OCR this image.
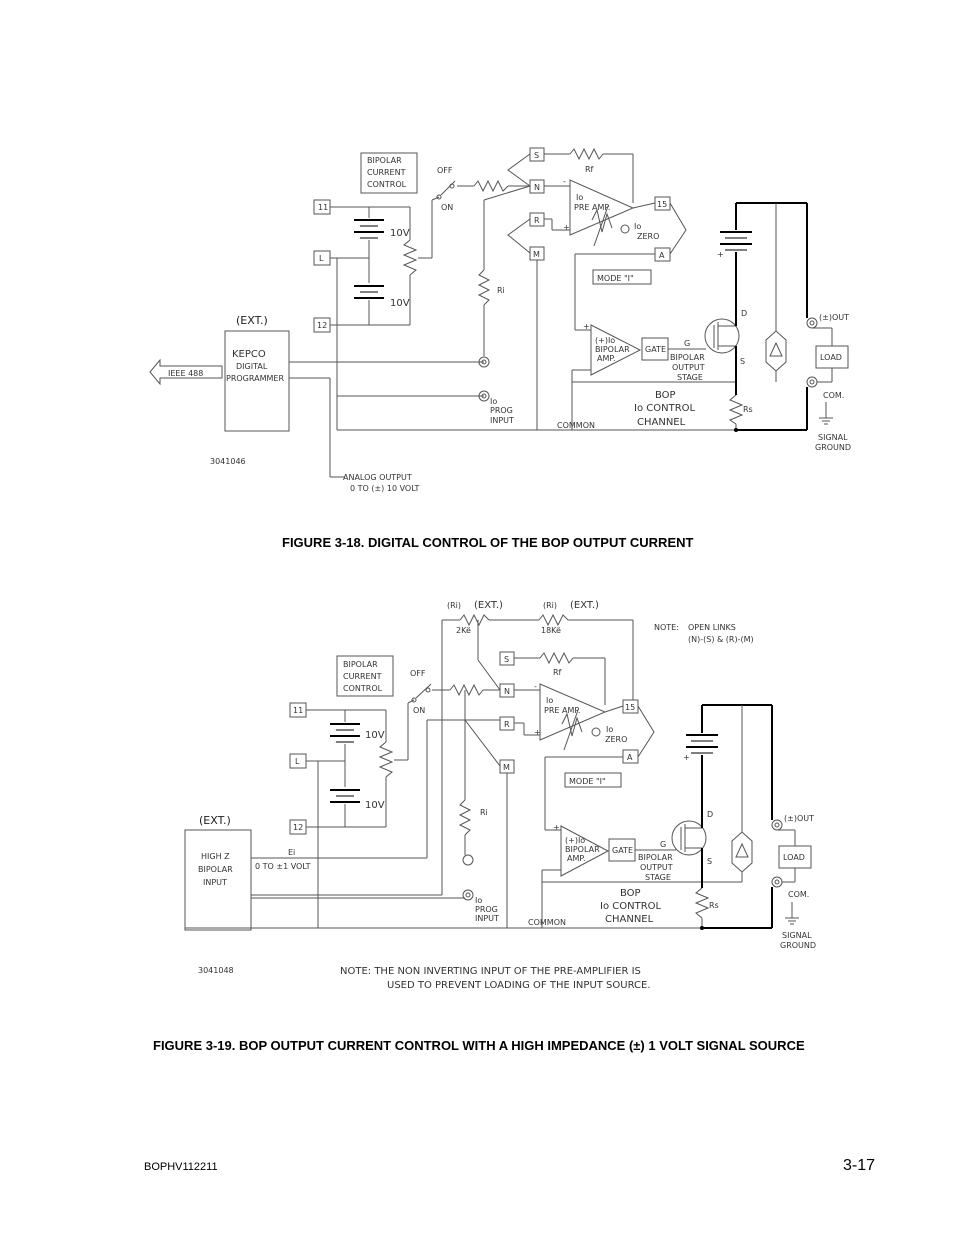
BIPOLAR
CURRENT
CONTROL
OFF
ON
11
L
12
10V
10V
(EXT.)
KEPCO
DIGITAL
PROGRAMMER
IEEE 488
ANALOG OUTPUT
0 TO (±) 10 VOLT
3041046
Ri
S
N
R
M
Rf
-
+
Io
PRE AMP.
Io
ZERO
15
A
MODE "I"
+
-
(+)Io
BIPOLAR
AMP.
GATE
G
BIPOLAR
OUTPUT
STAGE
D
S
+
Rs
(±)OUT
LOAD
COM.
SIGNAL
GROUND
BOP
Io CONTROL
CHANNEL
Io
PROG
INPUT
COMMON
(Ri) (EXT.)
2Kë
(Ri) (EXT.)
18Kë	NOTE: OPEN LINKS
(N)-(S) & (R)-(M)
BIPOLAR
CURRENT
CONTROL
OFF
ON
11
L
12
10V
10V
(EXT.)
HIGH Z
BIPOLAR
INPUT
Ei
0 TO ±1 VOLT
3041048
Ri
S
N
R
M
Rf
-
+
Io
PRE AMP.
Io
ZERO
15
A
MODE "I"
+
-
(+)Io
BIPOLAR
AMP.
GATE
G
BIPOLAR
OUTPUT
STAGE
D
S
+
Rs
(±)OUT
LOAD
COM.
SIGNAL
GROUND
BOP
Io CONTROL
CHANNEL
Io
PROG
INPUT	COMMON
NOTE: THE NON INVERTING INPUT OF THE PRE-AMPLIFIER IS
USED TO PREVENT LOADING OF THE INPUT SOURCE.
FIGURE 3-18. DIGITAL CONTROL OF THE BOP OUTPUT CURRENT
FIGURE 3-19. BOP OUTPUT CURRENT CONTROL WITH A HIGH IMPEDANCE (±) 1 VOLT SIGNAL SOURCE
BOPHV112211	3-17
